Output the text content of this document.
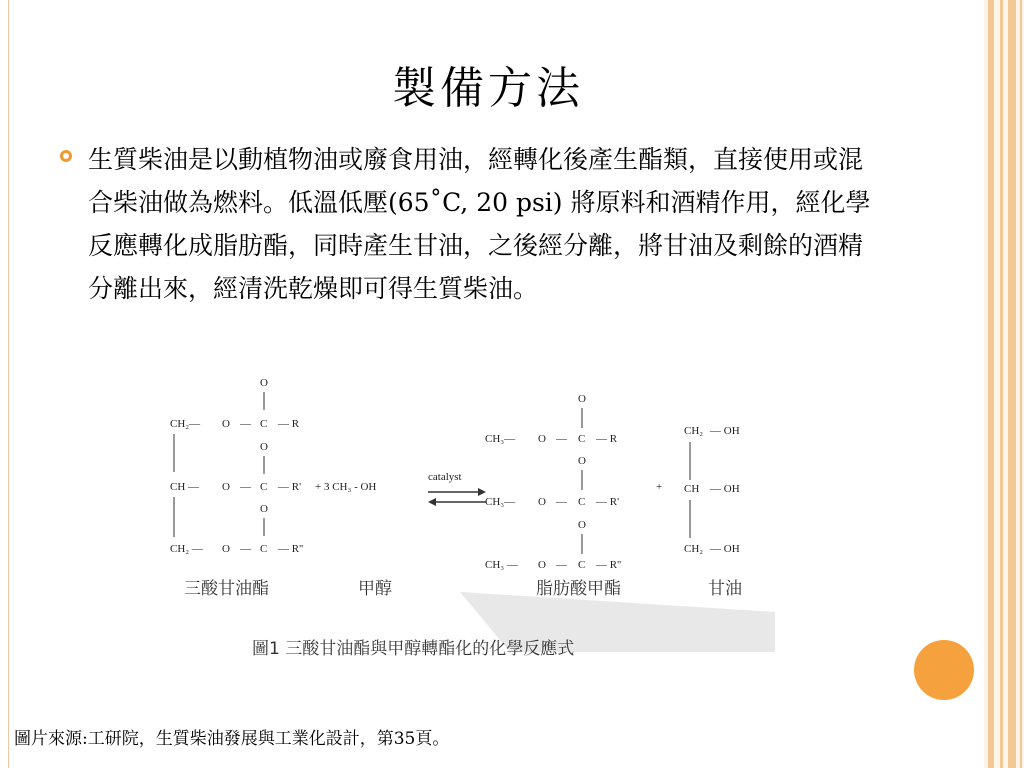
製備方法
生質柴油是以動植物油或廢食用油，經轉化後產生酯類，直接使用或混合柴油做為燃料。低溫低壓(65˚C, 20 psi) 將原料和酒精作用，經化學反應轉化成脂肪酯，同時產生甘油，之後經分離，將甘油及剩餘的酒精分離出來，經清洗乾燥即可得生質柴油。
O
CH₂— O — C — R
O
CH — O — C — R'
O
CH₂ — O — C — R''
+ 3 CH₃ - OH
catalyst
O
CH₃— O — C — R
O
CH₃— O — C — R'
O
CH₃ — O — C — R''
+
CH₂ — OH
CH — OH
CH₂ — OH
三酸甘油酯	甲醇	脂肪酸甲酯	甘油
圖1 三酸甘油酯與甲醇轉酯化的化學反應式
圖片來源:工研院，生質柴油發展與工業化設計，第35頁。
